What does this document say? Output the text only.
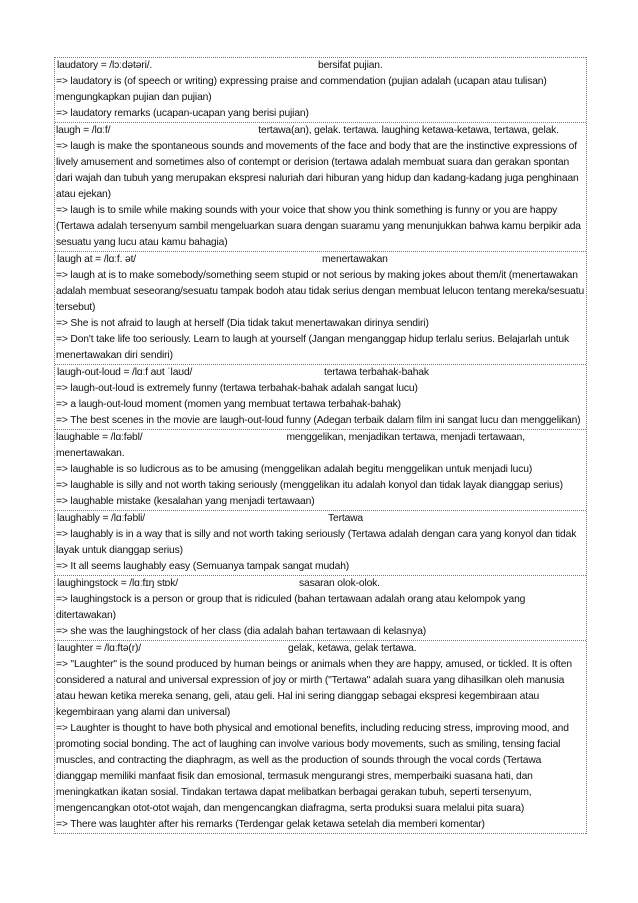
laudatory = /lɔːdətəri/.	bersifat pujian.

=> laudatory is (of speech or writing) expressing praise and commendation (pujian adalah (ucapan atau tulisan) mengungkapkan pujian dan pujian)

=> laudatory remarks (ucapan-ucapan yang berisi pujian)

laugh = /lɑːf/	tertawa(an), gelak. tertawa. laughing ketawa-ketawa, tertawa, gelak.

=> laugh is make the spontaneous sounds and movements of the face and body that are the instinctive expressions of lively amusement and sometimes also of contempt or derision (tertawa adalah membuat suara dan gerakan spontan dari wajah dan tubuh yang merupakan ekspresi naluriah dari hiburan yang hidup dan kadang-kadang juga penghinaan atau ejekan)

=> laugh is to smile while making sounds with your voice that show you think something is funny or you are happy (Tertawa adalah tersenyum sambil mengeluarkan suara dengan suaramu yang menunjukkan bahwa kamu berpikir ada sesuatu yang lucu atau kamu bahagia)

laugh at = /lɑːf. ət/	menertawakan

=> laugh at is to make somebody/something seem stupid or not serious by making jokes about them/it (menertawakan adalah membuat seseorang/sesuatu tampak bodoh atau tidak serius dengan membuat lelucon tentang mereka/sesuatu tersebut)

=> She is not afraid to laugh at herself (Dia tidak takut menertawakan dirinya sendiri)

=> Don't take life too seriously. Learn to laugh at yourself (Jangan menganggap hidup terlalu serius. Belajarlah untuk menertawakan diri sendiri)

laugh-out-loud = /lɑːf aʊt ˈlaʊd/	tertawa terbahak-bahak

=> laugh-out-loud is extremely funny (tertawa terbahak-bahak adalah sangat lucu)

=> a laugh-out-loud moment (momen yang membuat tertawa terbahak-bahak)

=> The best scenes in the movie are laugh-out-loud funny (Adegan terbaik dalam film ini sangat lucu dan menggelikan)

laughable = /lɑːfəbl/	menggelikan, menjadikan tertawa, menjadi tertawaan, menertawakan.

=> laughable is so ludicrous as to be amusing (menggelikan adalah begitu menggelikan untuk menjadi lucu)

=> laughable is silly and not worth taking seriously (menggelikan itu adalah konyol dan tidak layak dianggap serius)

=> laughable mistake (kesalahan yang menjadi tertawaan)

laughably = /lɑːfəbli/	Tertawa

=> laughably is in a way that is silly and not worth taking seriously (Tertawa adalah dengan cara yang konyol dan tidak layak untuk dianggap serius)

=> It all seems laughably easy (Semuanya tampak sangat mudah)

laughingstock = /lɑːfɪŋ stɒk/	sasaran olok-olok.

=> laughingstock is a person or group that is ridiculed (bahan tertawaan adalah orang atau kelompok yang ditertawakan)

=> she was the laughingstock of her class (dia adalah bahan tertawaan di kelasnya)

laughter = /lɑːftə(r)/	gelak, ketawa, gelak tertawa.

=> "Laughter" is the sound produced by human beings or animals when they are happy, amused, or tickled. It is often considered a natural and universal expression of joy or mirth ("Tertawa" adalah suara yang dihasilkan oleh manusia atau hewan ketika mereka senang, geli, atau geli. Hal ini sering dianggap sebagai ekspresi kegembiraan atau kegembiraan yang alami dan universal)

=> Laughter is thought to have both physical and emotional benefits, including reducing stress, improving mood, and promoting social bonding. The act of laughing can involve various body movements, such as smiling, tensing facial muscles, and contracting the diaphragm, as well as the production of sounds through the vocal cords (Tertawa dianggap memiliki manfaat fisik dan emosional, termasuk mengurangi stres, memperbaiki suasana hati, dan meningkatkan ikatan sosial. Tindakan tertawa dapat melibatkan berbagai gerakan tubuh, seperti tersenyum, mengencangkan otot-otot wajah, dan mengencangkan diafragma, serta produksi suara melalui pita suara)

=> There was laughter after his remarks (Terdengar gelak ketawa setelah dia memberi komentar)
